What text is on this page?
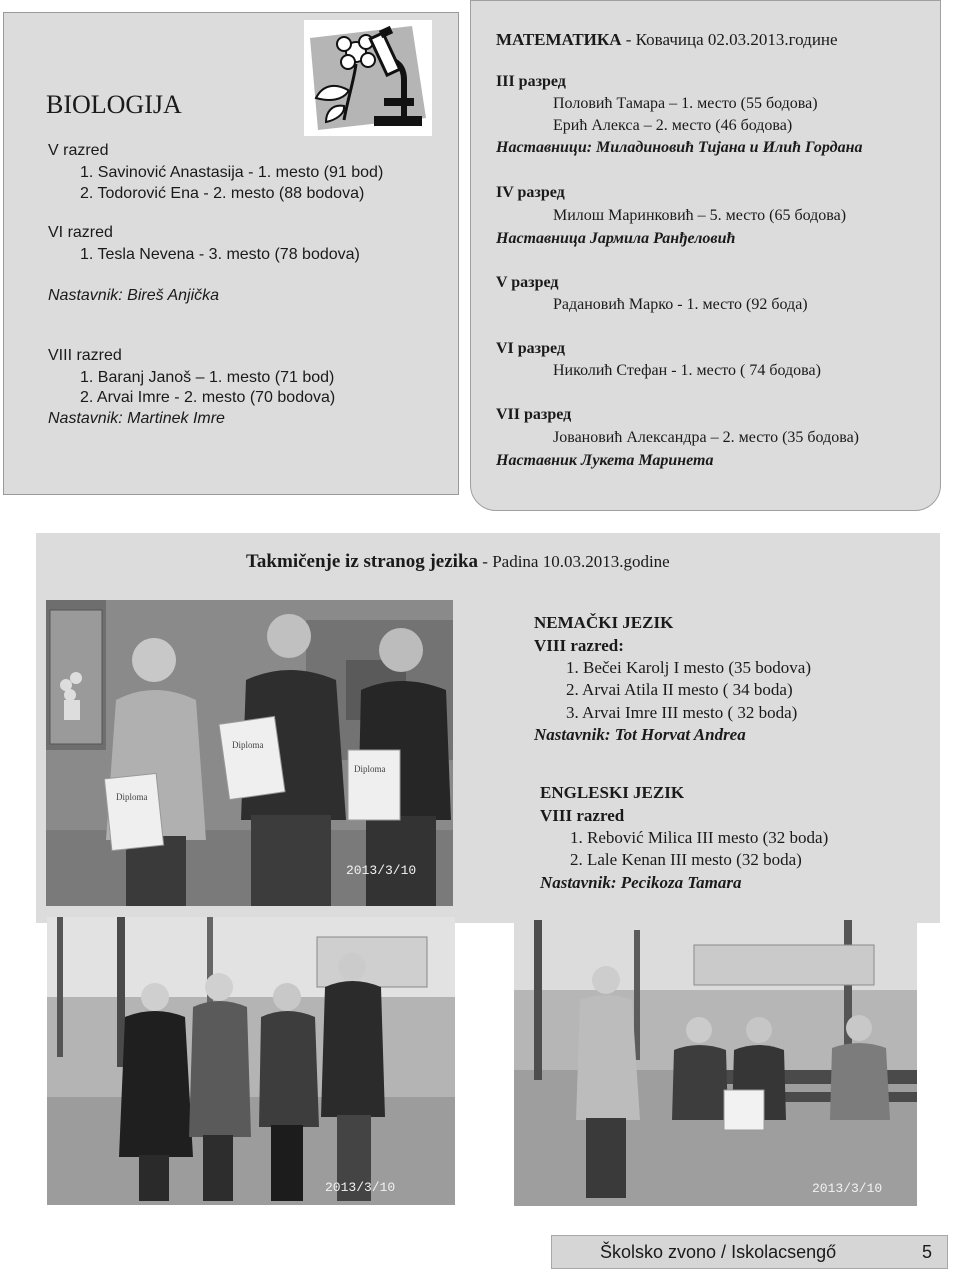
BIOLOGIJA
V razred
1. Savinović Anastasija - 1. mesto (91 bod)
2. Todorović Ena - 2. mesto (88 bodova)
VI razred
1. Tesla Nevena - 3. mesto (78 bodova)
Nastavnik: Bireš Anjička
VIII razred
1. Baranj Janoš – 1. mesto (71 bod)
2. Arvai Imre - 2. mesto (70 bodova)
Nastavnik: Martinek Imre
МАТЕМАТИКА - Ковачица 02.03.2013.године
III разред
Половић Тамара – 1. место (55 бодова)
Ерић Алекса – 2. место (46 бодова)
Наставници: Миладиновић Тијана и Илић Гордана
IV разред
Милош Маринковић – 5. место (65 бодова)
Наставница Јармила Ранђеловић
V разред
Радановић Марко - 1. место (92 бода)
VI разред
Николић Стефан - 1. место ( 74 бодова)
VII разред
Јовановић Александра – 2. место (35 бодова)
Наставник Лукета Маринета
Takmičenje iz stranog jezika - Padina 10.03.2013.godine
Diploma
Diploma
Diploma
2013/3/10
NEMAČKI JEZIK
VIII razred:
1. Bečei Karolj I mesto (35 bodova)
2. Arvai Atila II mesto ( 34 boda)
3. Arvai Imre III mesto ( 32 boda)
Nastavnik: Tot Horvat Andrea
ENGLESKI JEZIK
VIII razred
1. Rebović Milica III mesto (32 boda)
2. Lale Kenan III mesto (32 boda)
Nastavnik: Pecikoza Tamara
2013/3/10	2013/3/10
Školsko zvono / Iskolacsengő	5
